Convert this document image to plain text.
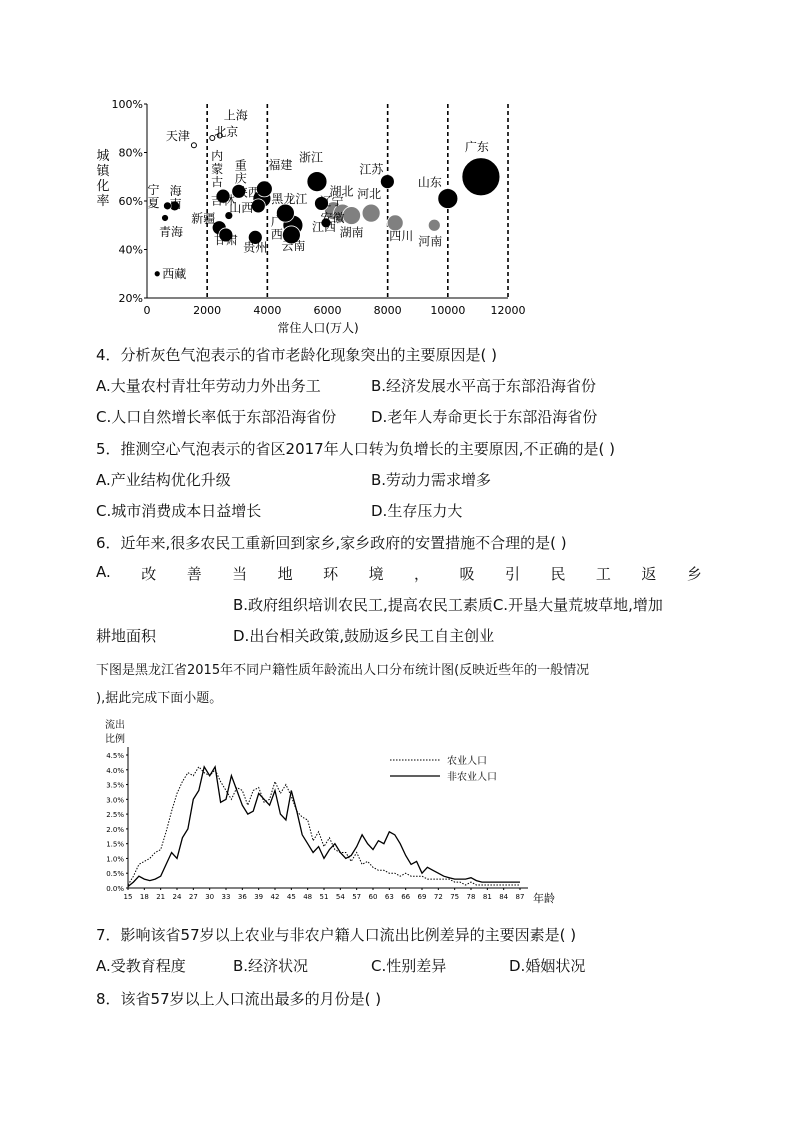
20%
40%
60%
80%
100%
0	2000	4000	6000	8000	10000 12000
天津
上海
北京
内蒙古
重庆
宁夏
海南
青海
西藏
吉林
新疆
甘肃
山西
福建
陕西
贵州
黑龙江
广西
云南
浙江
辽宁
江西
湖北
安徽
湖南
河北
四川 河南
江苏
山东
广东
城镇化率
常住人口(万人)
4．分析灰色气泡表示的省市老龄化现象突出的主要原因是( )
A.大量农村青壮年劳动力外出务工	B.经济发展水平高于东部沿海省份
C.人口自然增长率低于东部沿海省份 D.老年人寿命更长于东部沿海省份
5．推测空心气泡表示的省区2017年人口转为负增长的主要原因,不正确的是( )
A.产业结构优化升级	B.劳动力需求增多
C.城市消费成本日益增长	D.生存压力大
6．近年来,很多农民工重新回到家乡,家乡政府的安置措施不合理的是( )
A. 改 善 当 地 环 境 ， 吸 引 民 工 返 乡
B.政府组织培训农民工,提高农民工素质C.开垦大量荒坡草地,增加
耕地面积	D.出台相关政策,鼓励返乡民工自主创业
下图是黑龙江省2015年不同户籍性质年龄流出人口分布统计图(反映近些年的一般情况
),据此完成下面小题。
流出
比例
0.0%
0.5%
1.0%
1.5%
2.0%
2.5%
3.0%
3.5%
4.0%
4.5%
15 18 21 24 27 30 33 36 39 42 45 48 51 54 57 60 63 66 69 72 75 78 81 84 87
农业人口
非农业人口
年龄
7．影响该省57岁以上农业与非农户籍人口流出比例差异的主要因素是( )
A.受教育程度	B.经济状况	C.性别差异	D.婚姻状况
8．该省57岁以上人口流出最多的月份是( )
